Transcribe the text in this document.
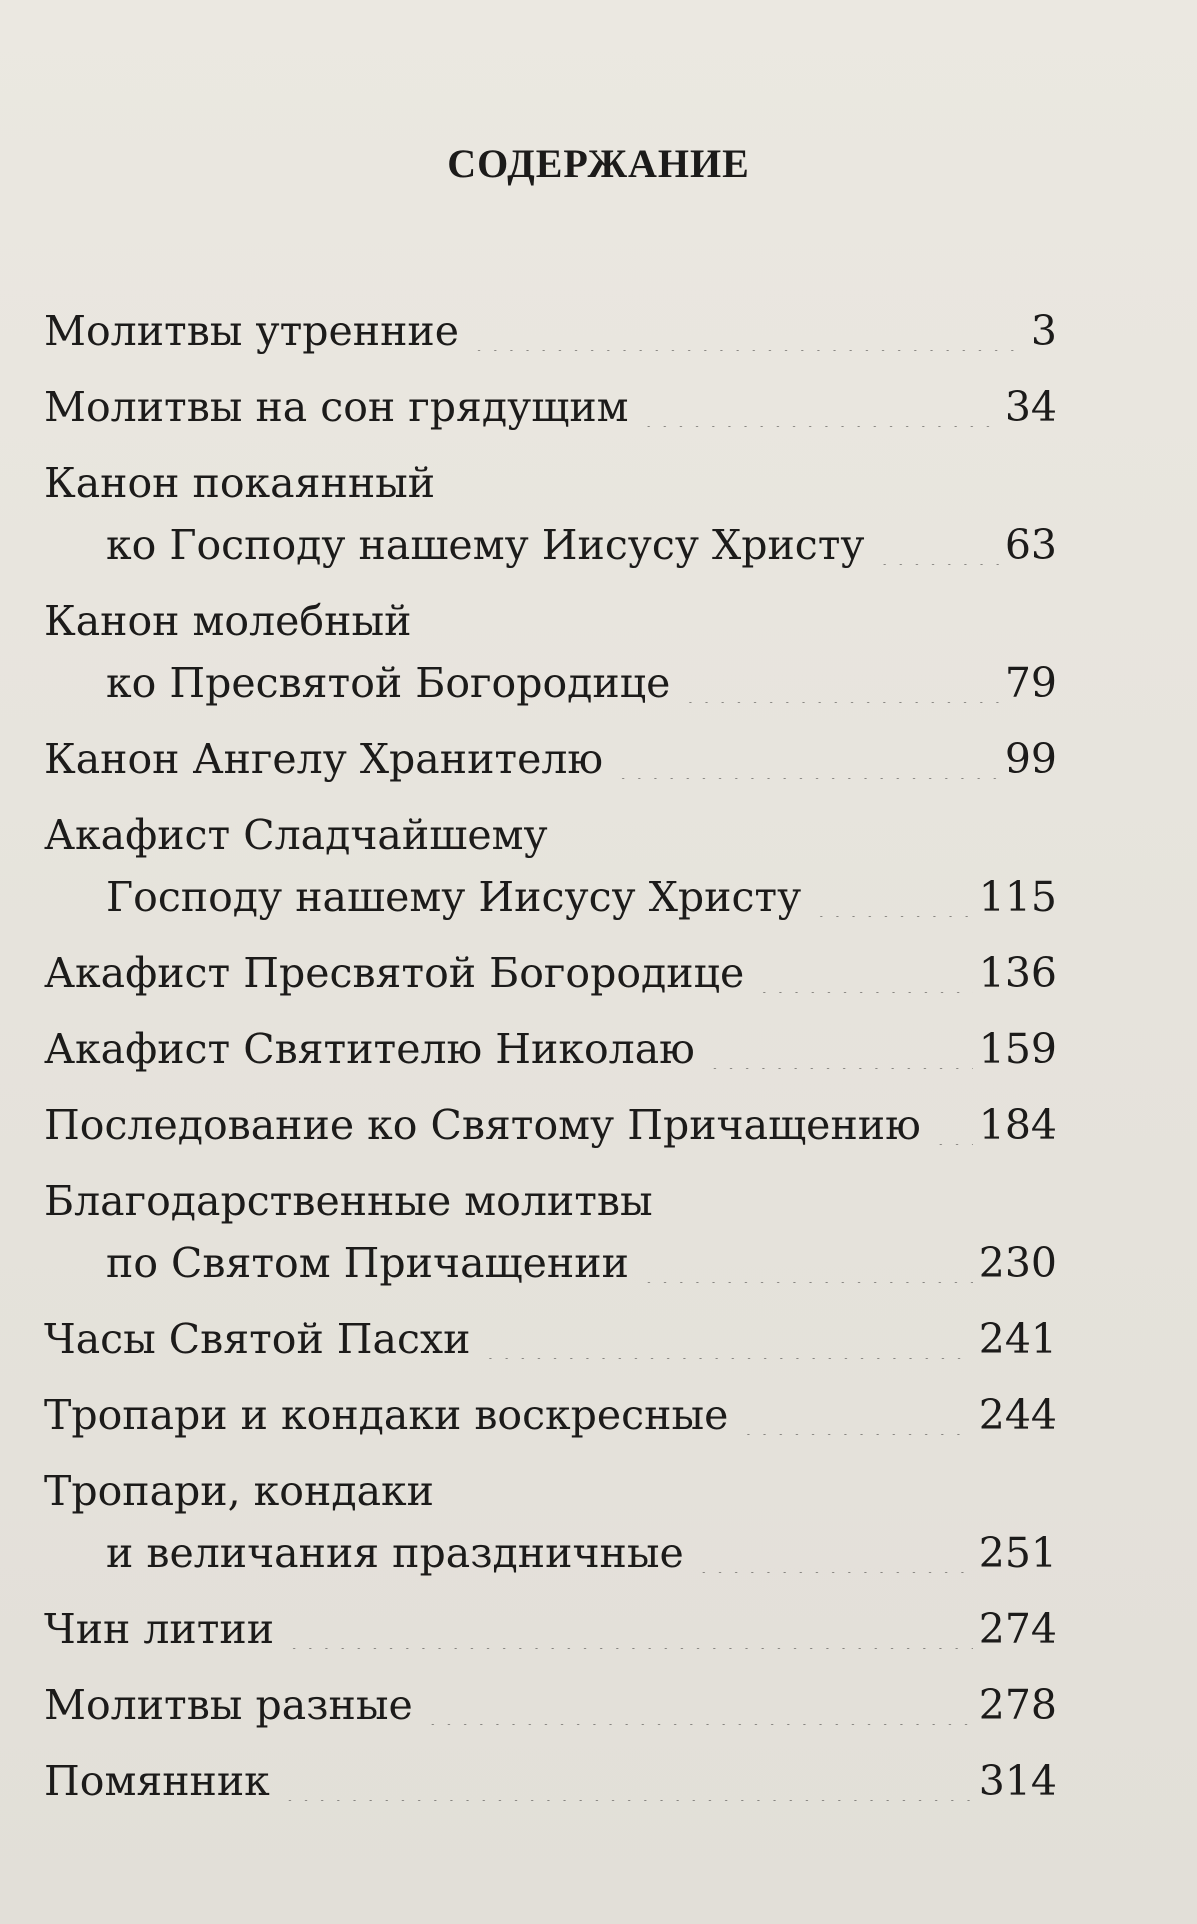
СОДЕРЖАНИЕ
Молитвы утренние . . .	3
Молитвы на сон грядущим . . .	34
Канон покаянный
ко Господу нашему Иисусу Христу . . .	63
Канон молебный
ко Пресвятой Богородице . . .	79
Канон Ангелу Хранителю . . .	99
Акафист Сладчайшему
Господу нашему Иисусу Христу . . .	115
Акафист Пресвятой Богородице . . .	136
Акафист Святителю Николаю . . .	159
Последование ко Святому Причащению . . . 184
Благодарственные молитвы
по Святом Причащении . . .	230
Часы Святой Пасхи . . .	241
Тропари и кондаки воскресные . . .	244
Тропари, кондаки
и величания праздничные . . .	251
Чин литии . . .	274
Молитвы разные . . .	278
Помянник . . .	314
